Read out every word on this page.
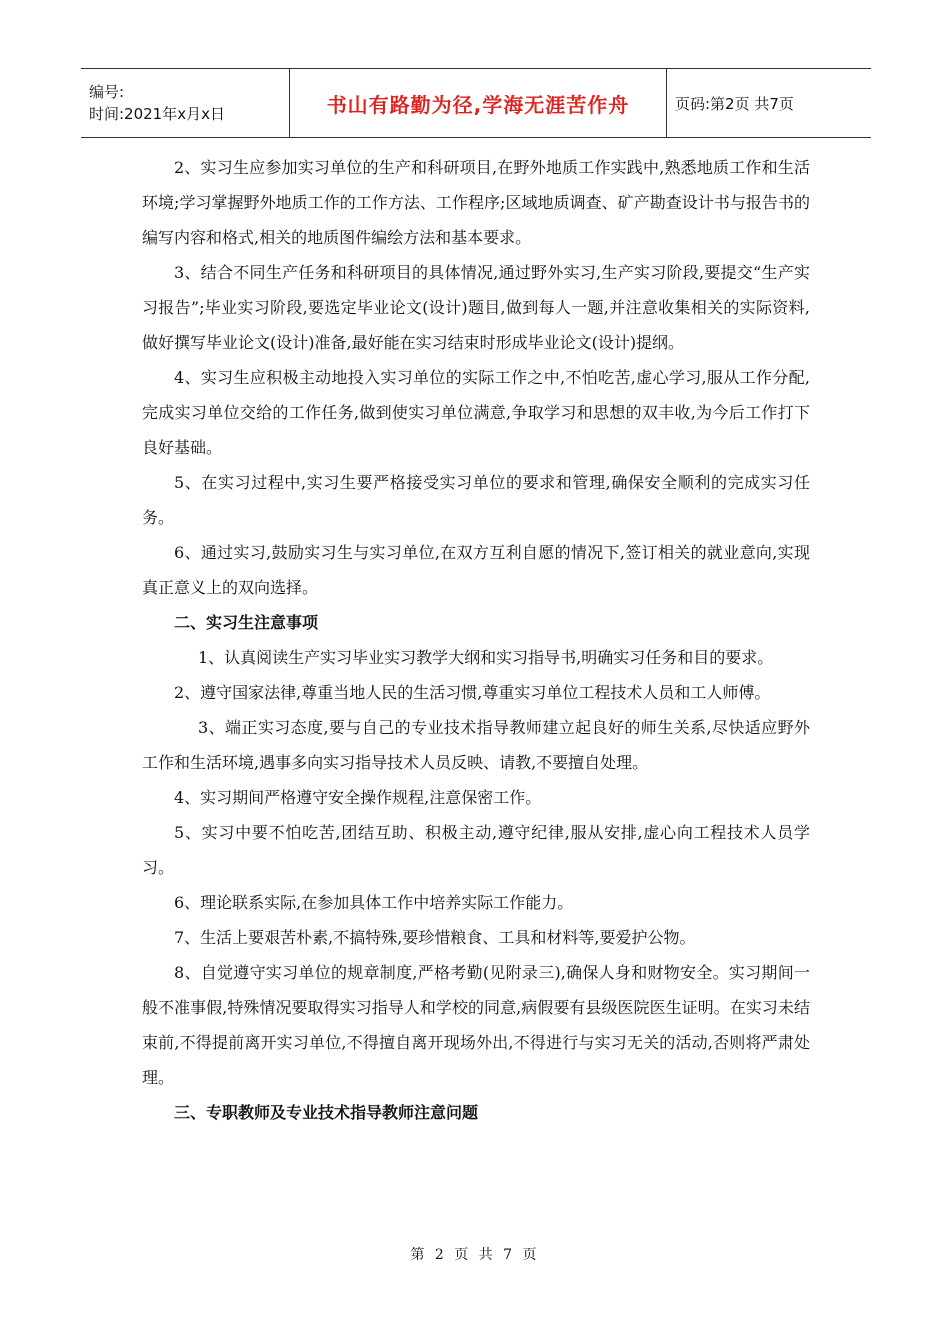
编号:
时间:2021年x月x日	书山有路勤为径,学海无涯苦作舟	页码:第2页 共7页

2、实习生应参加实习单位的生产和科研项目,在野外地质工作实践中,熟悉地质工作和生活环境;学习掌握野外地质工作的工作方法、工作程序;区域地质调查、矿产勘查设计书与报告书的编写内容和格式,相关的地质图件编绘方法和基本要求。

3、结合不同生产任务和科研项目的具体情况,通过野外实习,生产实习阶段,要提交“生产实习报告”;毕业实习阶段,要选定毕业论文(设计)题目,做到每人一题,并注意收集相关的实际资料,做好撰写毕业论文(设计)准备,最好能在实习结束时形成毕业论文(设计)提纲。

4、实习生应积极主动地投入实习单位的实际工作之中,不怕吃苦,虚心学习,服从工作分配,完成实习单位交给的工作任务,做到使实习单位满意,争取学习和思想的双丰收,为今后工作打下良好基础。

5、在实习过程中,实习生要严格接受实习单位的要求和管理,确保安全顺利的完成实习任务。

6、通过实习,鼓励实习生与实习单位,在双方互利自愿的情况下,签订相关的就业意向,实现真正意义上的双向选择。

二、实习生注意事项

1、认真阅读生产实习毕业实习教学大纲和实习指导书,明确实习任务和目的要求。

2、遵守国家法律,尊重当地人民的生活习惯,尊重实习单位工程技术人员和工人师傅。

3、端正实习态度,要与自己的专业技术指导教师建立起良好的师生关系,尽快适应野外工作和生活环境,遇事多向实习指导技术人员反映、请教,不要擅自处理。

4、实习期间严格遵守安全操作规程,注意保密工作。

5、实习中要不怕吃苦,团结互助、积极主动,遵守纪律,服从安排,虚心向工程技术人员学习。

6、理论联系实际,在参加具体工作中培养实际工作能力。

7、生活上要艰苦朴素,不搞特殊,要珍惜粮食、工具和材料等,要爱护公物。

8、自觉遵守实习单位的规章制度,严格考勤(见附录三),确保人身和财物安全。实习期间一般不准事假,特殊情况要取得实习指导人和学校的同意,病假要有县级医院医生证明。在实习未结束前,不得提前离开实习单位,不得擅自离开现场外出,不得进行与实习无关的活动,否则将严肃处理。

三、专职教师及专业技术指导教师注意问题

第 2 页 共 7 页
